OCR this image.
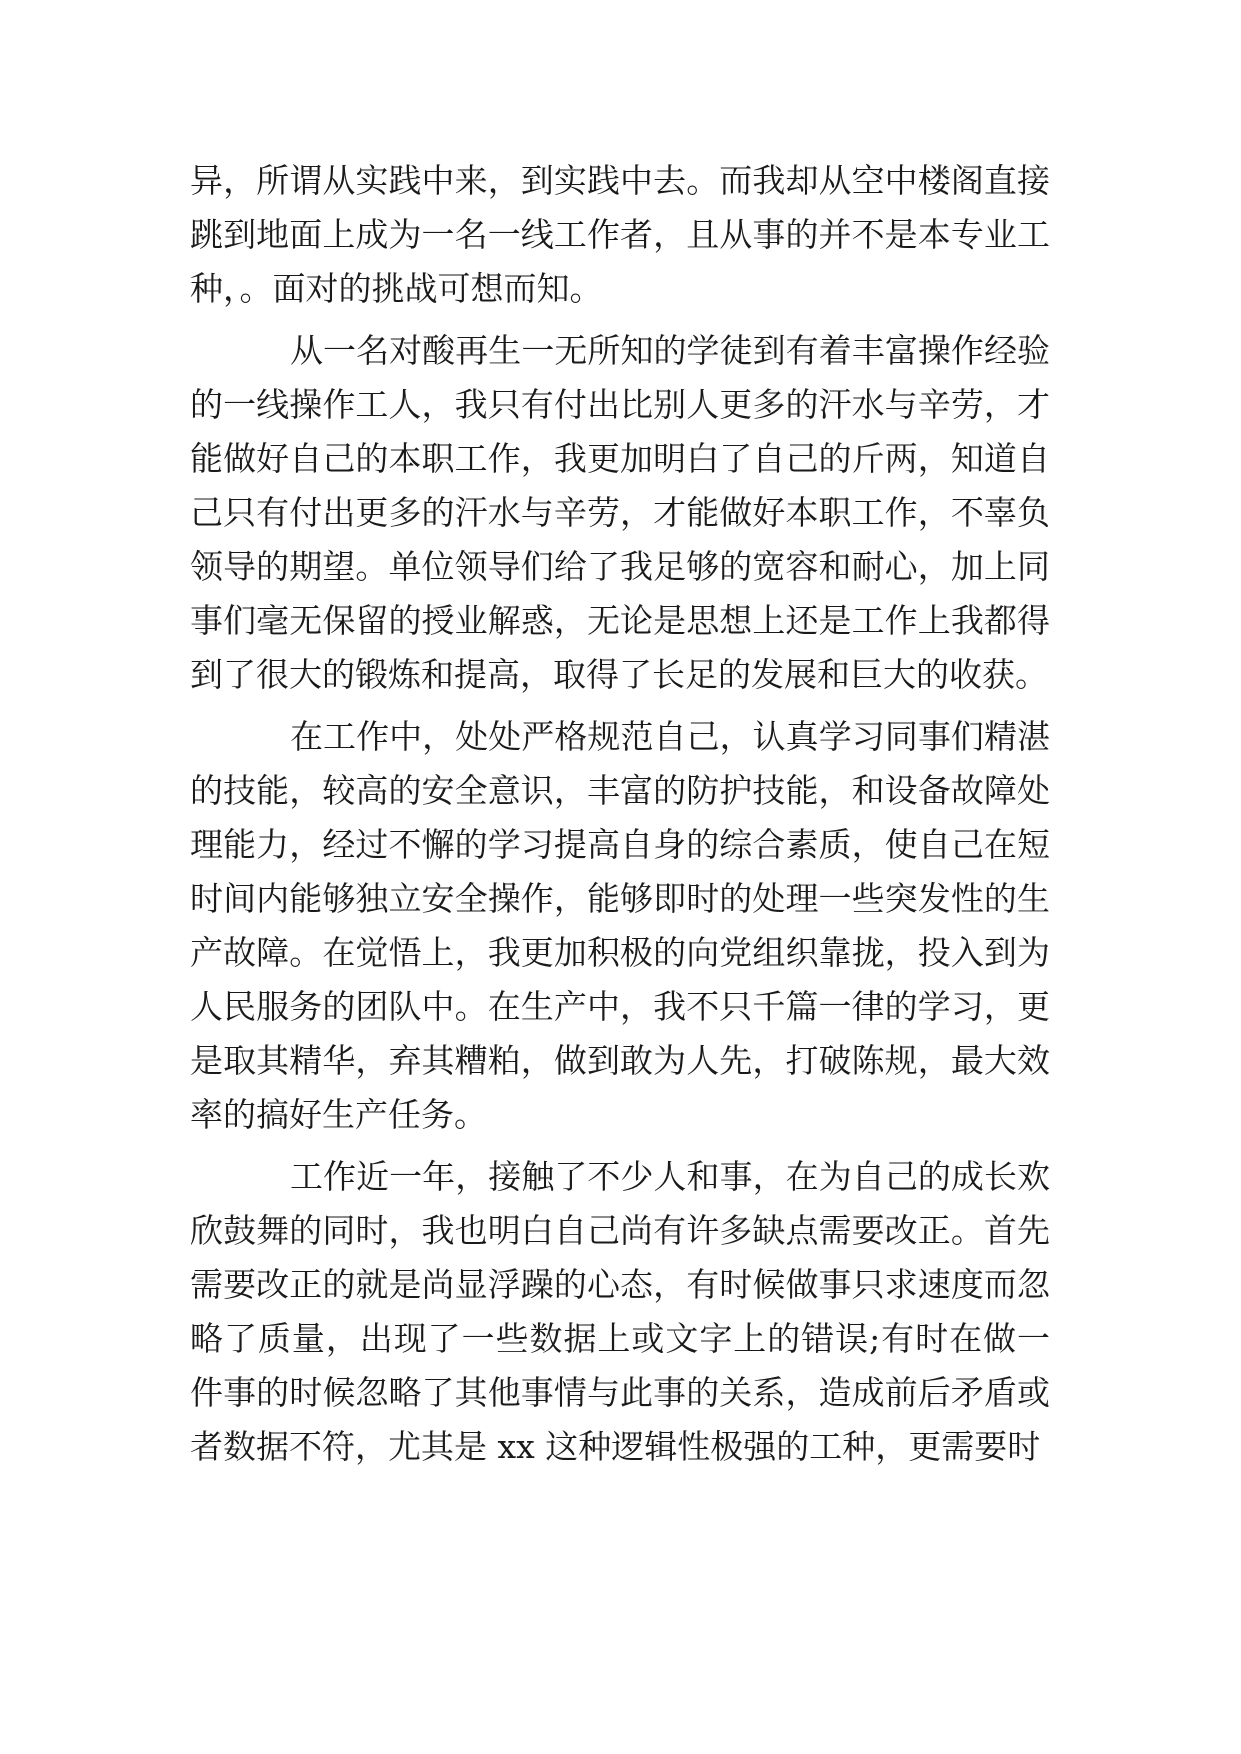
异，所谓从实践中来，到实践中去。而我却从空中楼阁直接跳到地面上成为一名一线工作者，且从事的并不是本专业工种，。面对的挑战可想而知。

从一名对酸再生一无所知的学徒到有着丰富操作经验的一线操作工人，我只有付出比别人更多的汗水与辛劳，才能做好自己的本职工作，我更加明白了自己的斤两，知道自己只有付出更多的汗水与辛劳，才能做好本职工作，不辜负领导的期望。单位领导们给了我足够的宽容和耐心，加上同事们毫无保留的授业解惑，无论是思想上还是工作上我都得到了很大的锻炼和提高，取得了长足的发展和巨大的收获。

在工作中，处处严格规范自己，认真学习同事们精湛的技能，较高的安全意识，丰富的防护技能，和设备故障处理能力，经过不懈的学习提高自身的综合素质，使自己在短时间内能够独立安全操作，能够即时的处理一些突发性的生产故障。在觉悟上，我更加积极的向党组织靠拢，投入到为人民服务的团队中。在生产中，我不只千篇一律的学习，更是取其精华，弃其糟粕，做到敢为人先，打破陈规，最大效率的搞好生产任务。

工作近一年，接触了不少人和事，在为自己的成长欢欣鼓舞的同时，我也明白自己尚有许多缺点需要改正。首先需要改正的就是尚显浮躁的心态，有时候做事只求速度而忽略了质量，出现了一些数据上或文字上的错误;有时在做一件事的时候忽略了其他事情与此事的关系，造成前后矛盾或者数据不符，尤其是 xx 这种逻辑性极强的工种，更需要时
